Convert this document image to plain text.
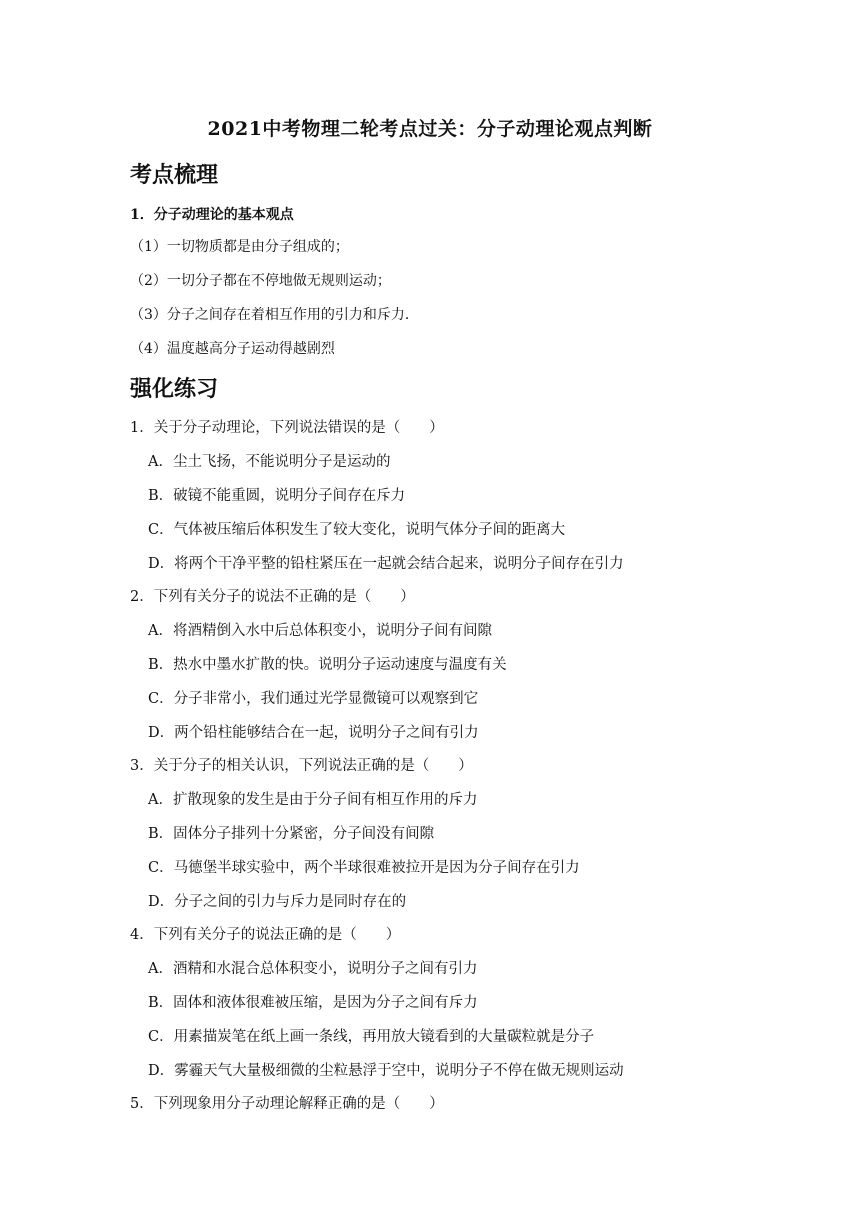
2021中考物理二轮考点过关：分子动理论观点判断
考点梳理
1．分子动理论的基本观点
（1）一切物质都是由分子组成的；
（2）一切分子都在不停地做无规则运动；
（3）分子之间存在着相互作用的引力和斥力．
（4）温度越高分子运动得越剧烈
强化练习
1．关于分子动理论，下列说法错误的是（　　）
A．尘土飞扬，不能说明分子是运动的
B．破镜不能重圆，说明分子间存在斥力
C．气体被压缩后体积发生了较大变化，说明气体分子间的距离大
D．将两个干净平整的铅柱紧压在一起就会结合起来，说明分子间存在引力
2．下列有关分子的说法不正确的是（　　）
A．将酒精倒入水中后总体积变小，说明分子间有间隙
B．热水中墨水扩散的快。说明分子运动速度与温度有关
C．分子非常小，我们通过光学显微镜可以观察到它
D．两个铅柱能够结合在一起，说明分子之间有引力
3．关于分子的相关认识，下列说法正确的是（　　）
A．扩散现象的发生是由于分子间有相互作用的斥力
B．固体分子排列十分紧密，分子间没有间隙
C．马德堡半球实验中，两个半球很难被拉开是因为分子间存在引力
D．分子之间的引力与斥力是同时存在的
4．下列有关分子的说法正确的是（　　）
A．酒精和水混合总体积变小，说明分子之间有引力
B．固体和液体很难被压缩，是因为分子之间有斥力
C．用素描炭笔在纸上画一条线，再用放大镜看到的大量碳粒就是分子
D．雾霾天气大量极细微的尘粒悬浮于空中，说明分子不停在做无规则运动
5．下列现象用分子动理论解释正确的是（　　）
